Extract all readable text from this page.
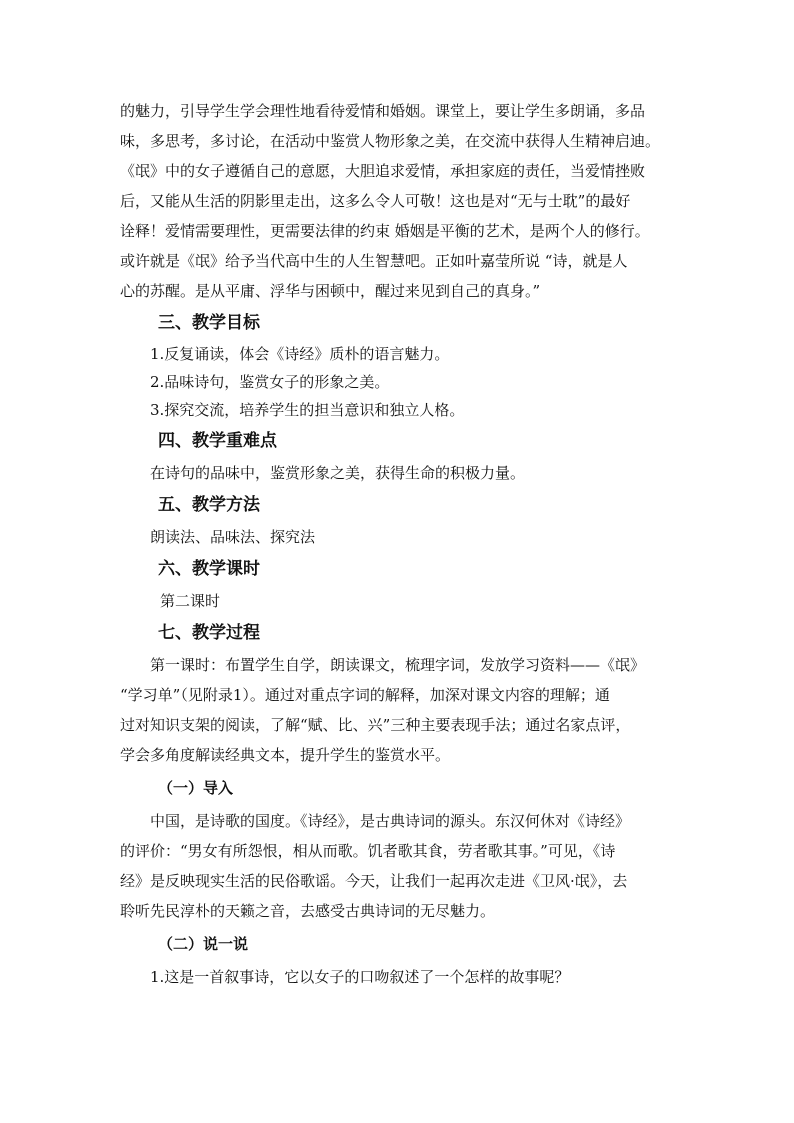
的魅力，引导学生学会理性地看待爱情和婚姻。课堂上，要让学生多朗诵，多品
味，多思考，多讨论，在活动中鉴赏人物形象之美，在交流中获得人生精神启迪。
《氓》中的女子遵循自己的意愿，大胆追求爱情，承担家庭的责任，当爱情挫败
后，又能从生活的阴影里走出，这多么令人可敬！这也是对“无与士耽”的最好
诠释！爱情需要理性，更需要法律的约束 婚姻是平衡的艺术，是两个人的修行。
或许就是《氓》给予当代高中生的人生智慧吧。正如叶嘉莹所说 “诗，就是人
心的苏醒。是从平庸、浮华与困顿中，醒过来见到自己的真身。”
三、教学目标
1.反复诵读，体会《诗经》质朴的语言魅力。
2.品味诗句，鉴赏女子的形象之美。
3.探究交流，培养学生的担当意识和独立人格。
四、教学重难点
在诗句的品味中，鉴赏形象之美，获得生命的积极力量。
五、教学方法
朗读法、品味法、探究法
六、教学课时
第二课时
七、教学过程
第一课时：布置学生自学，朗读课文，梳理字词，发放学习资料——《氓》
“学习单”（见附录1）。通过对重点字词的解释，加深对课文内容的理解；通
过对知识支架的阅读，了解“赋、比、兴”三种主要表现手法；通过名家点评，
学会多角度解读经典文本，提升学生的鉴赏水平。
（一）导入
中国，是诗歌的国度。《诗经》，是古典诗词的源头。东汉何休对《诗经》
的评价：“男女有所怨恨，相从而歌。饥者歌其食，劳者歌其事。”可见，《诗
经》是反映现实生活的民俗歌谣。今天，让我们一起再次走进《卫风·氓》，去
聆听先民淳朴的天籁之音，去感受古典诗词的无尽魅力。
（二）说一说
1.这是一首叙事诗，它以女子的口吻叙述了一个怎样的故事呢？
